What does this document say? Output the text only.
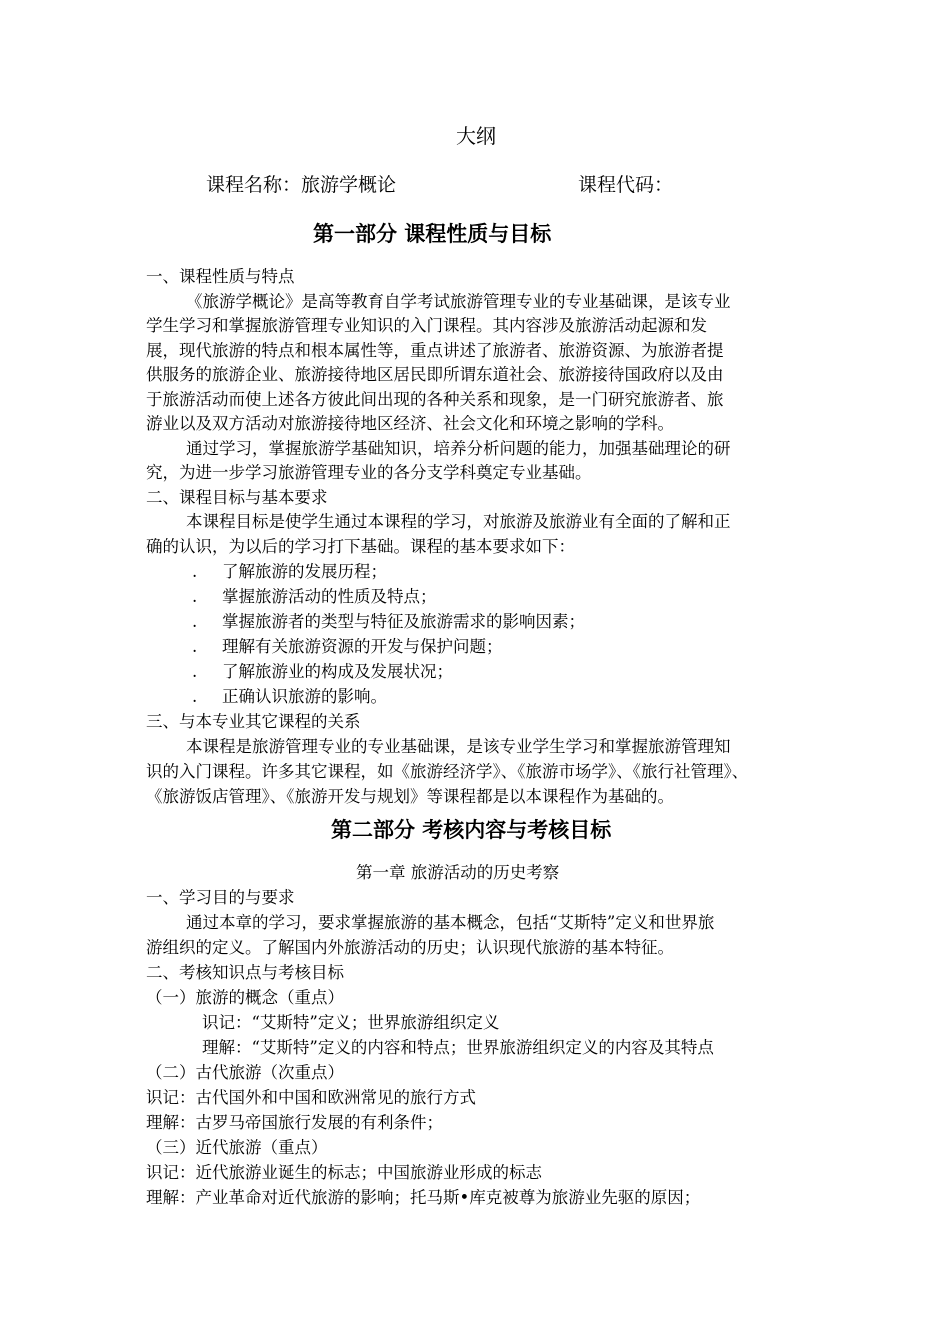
大纲
课程名称：旅游学概论	课程代码：
第一部分 课程性质与目标
一、课程性质与特点
《旅游学概论》是高等教育自学考试旅游管理专业的专业基础课，是该专业
学生学习和掌握旅游管理专业知识的入门课程。其内容涉及旅游活动起源和发
展，现代旅游的特点和根本属性等，重点讲述了旅游者、旅游资源、为旅游者提
供服务的旅游企业、旅游接待地区居民即所谓东道社会、旅游接待国政府以及由
于旅游活动而使上述各方彼此间出现的各种关系和现象，是一门研究旅游者、旅
游业以及双方活动对旅游接待地区经济、社会文化和环境之影响的学科。
通过学习，掌握旅游学基础知识，培养分析问题的能力，加强基础理论的研
究，为进一步学习旅游管理专业的各分支学科奠定专业基础。
二、课程目标与基本要求
本课程目标是使学生通过本课程的学习，对旅游及旅游业有全面的了解和正
确的认识，为以后的学习打下基础。课程的基本要求如下：
. 了解旅游的发展历程；
. 掌握旅游活动的性质及特点；
. 掌握旅游者的类型与特征及旅游需求的影响因素；
. 理解有关旅游资源的开发与保护问题；
. 了解旅游业的构成及发展状况；
. 正确认识旅游的影响。
三、与本专业其它课程的关系
本课程是旅游管理专业的专业基础课，是该专业学生学习和掌握旅游管理知
识的入门课程。许多其它课程，如《旅游经济学》、《旅游市场学》、《旅行社管理》、
《旅游饭店管理》、《旅游开发与规划》等课程都是以本课程作为基础的。
第二部分 考核内容与考核目标
第一章 旅游活动的历史考察
一、学习目的与要求
通过本章的学习，要求掌握旅游的基本概念，包括“艾斯特”定义和世界旅
游组织的定义。了解国内外旅游活动的历史；认识现代旅游的基本特征。
二、考核知识点与考核目标
（一）旅游的概念（重点）
识记：“艾斯特”定义；世界旅游组织定义
理解：“艾斯特”定义的内容和特点；世界旅游组织定义的内容及其特点
（二）古代旅游（次重点）
识记：古代国外和中国和欧洲常见的旅行方式
理解：古罗马帝国旅行发展的有利条件；
（三）近代旅游（重点）
识记：近代旅游业诞生的标志；中国旅游业形成的标志
理解：产业革命对近代旅游的影响；托马斯•库克被尊为旅游业先驱的原因；
